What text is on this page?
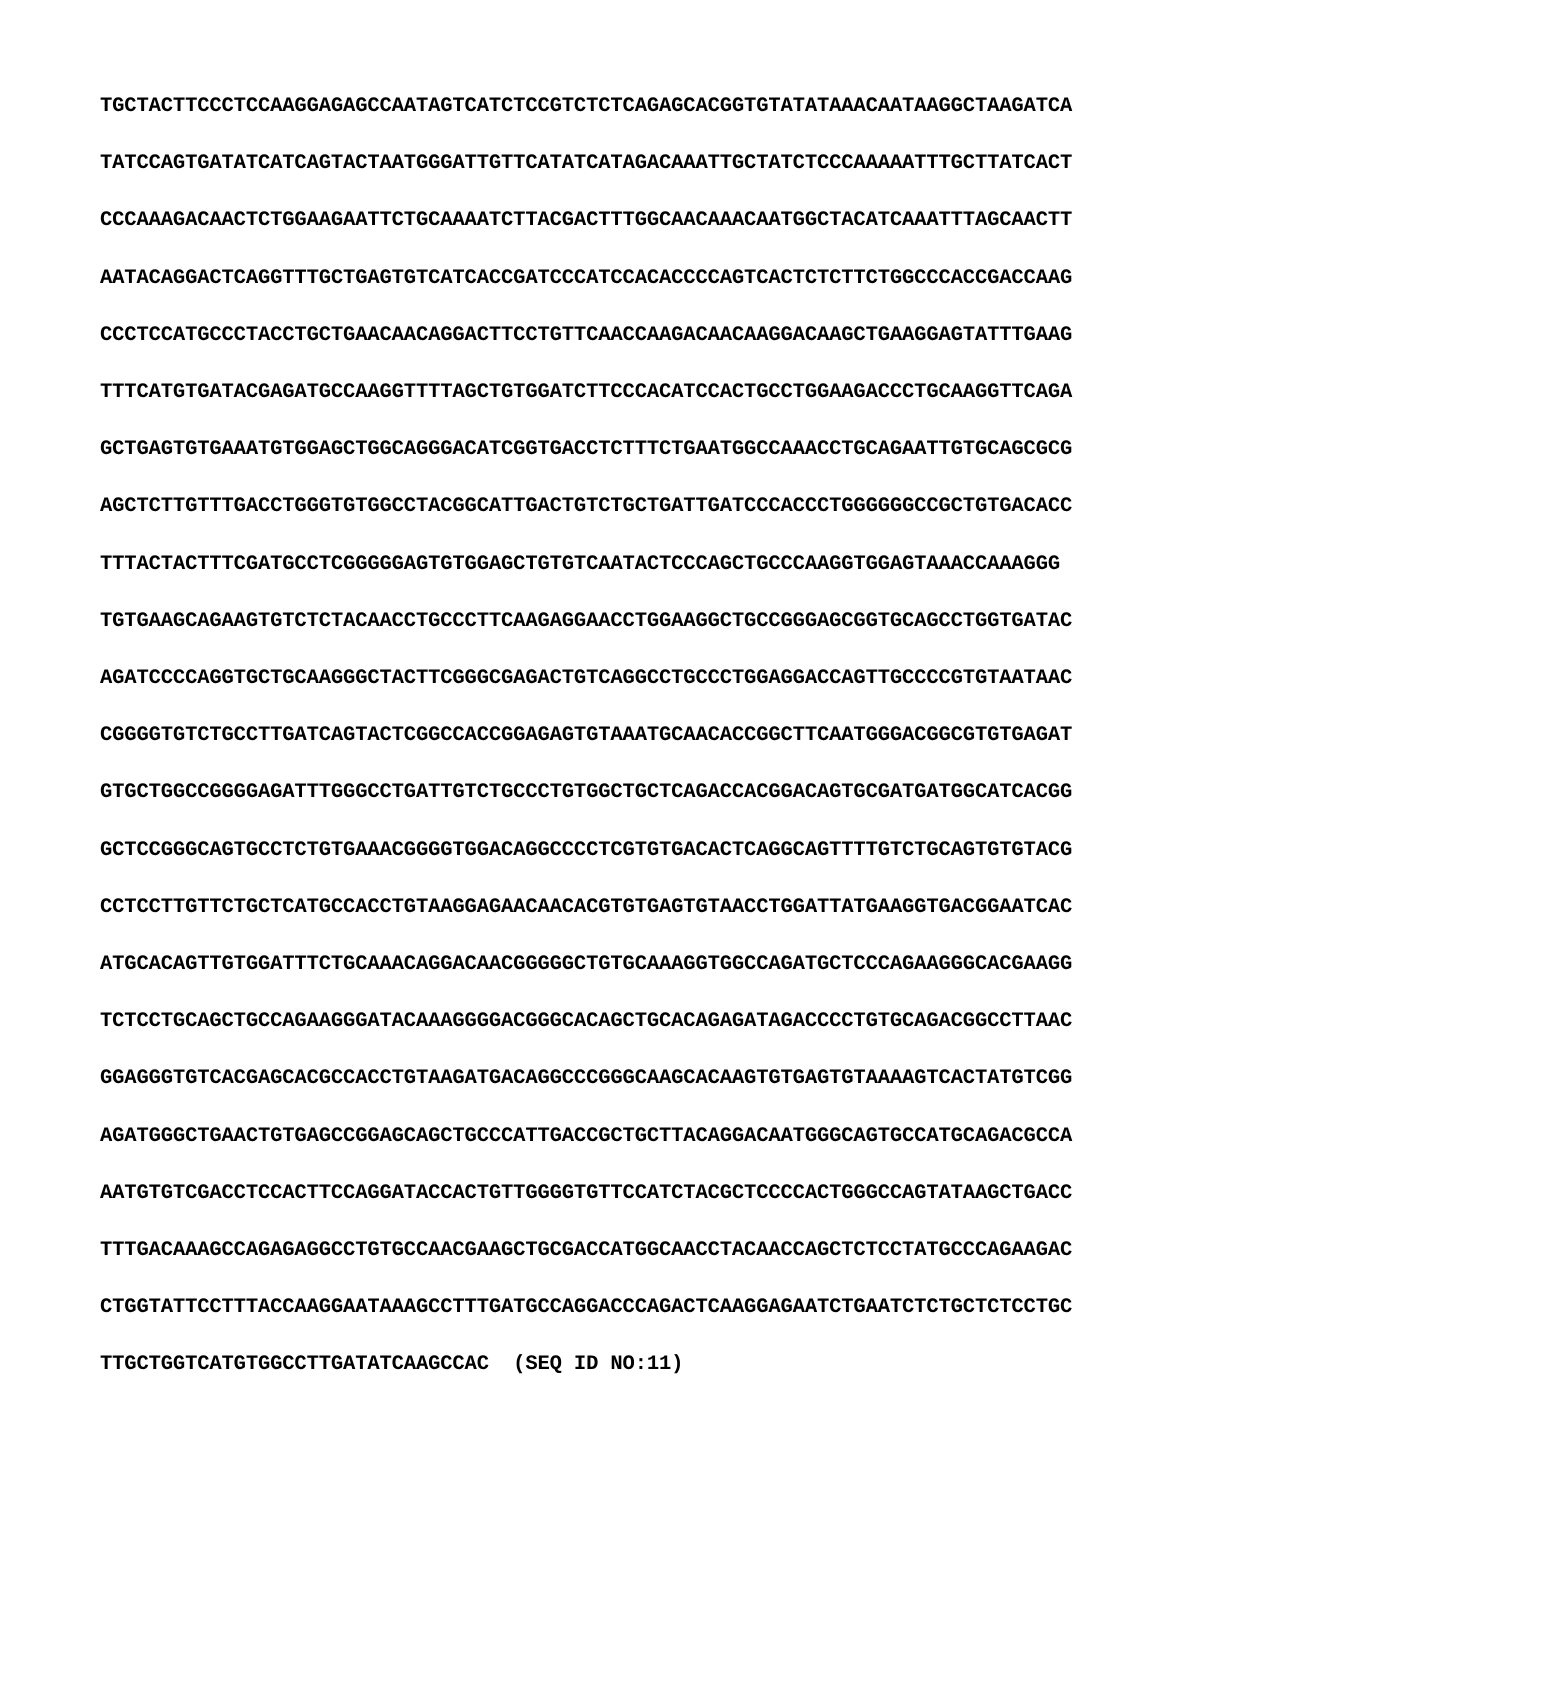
TGCTACTTCCCTCCAAGGAGAGCCAATAGTCATCTCCGTCTCTCAGAGCACGGTGTATATAAACAATAAGGCTAAGATCA
TATCCAGTGATATCATCAGTACTAATGGGATTGTTCATATCATAGACAAATTGCTATCTCCCAAAAATTTGCTTATCACT
CCCAAAGACAACTCTGGAAGAATTCTGCAAAATCTTACGACTTTGGCAACAAACAATGGCTACATCAAATTTAGCAACTT
AATACAGGACTCAGGTTTGCTGAGTGTCATCACCGATCCCATCCACACCCCAGTCACTCTCTTCTGGCCCACCGACCAAG
CCCTCCATGCCCTACCTGCTGAACAACAGGACTTCCTGTTCAACCAAGACAACAAGGACAAGCTGAAGGAGTATTTGAAG
TTTCATGTGATACGAGATGCCAAGGTTTTAGCTGTGGATCTTCCCACATCCACTGCCTGGAAGACCCTGCAAGGTTCAGA
GCTGAGTGTGAAATGTGGAGCTGGCAGGGACATCGGTGACCTCTTTCTGAATGGCCAAACCTGCAGAATTGTGCAGCGCG
AGCTCTTGTTTGACCTGGGTGTGGCCTACGGCATTGACTGTCTGCTGATTGATCCCACCCTGGGGGGCCGCTGTGACACC
TTTACTACTTTCGATGCCTCGGGGGAGTGTGGAGCTGTGTCAATACTCCCAGCTGCCCAAGGTGGAGTAAACCAAAGGG
TGTGAAGCAGAAGTGTCTCTACAACCTGCCCTTCAAGAGGAACCTGGAAGGCTGCCGGGAGCGGTGCAGCCTGGTGATAC
AGATCCCCAGGTGCTGCAAGGGCTACTTCGGGCGAGACTGTCAGGCCTGCCCTGGAGGACCAGTTGCCCCGTGTAATAAC
CGGGGTGTCTGCCTTGATCAGTACTCGGCCACCGGAGAGTGTAAATGCAACACCGGCTTCAATGGGACGGCGTGTGAGAT
GTGCTGGCCGGGGAGATTTGGGCCTGATTGTCTGCCCTGTGGCTGCTCAGACCACGGACAGTGCGATGATGGCATCACGG
GCTCCGGGCAGTGCCTCTGTGAAACGGGGTGGACAGGCCCCTCGTGTGACACTCAGGCAGTTTTGTCTGCAGTGTGTACG
CCTCCTTGTTCTGCTCATGCCACCTGTAAGGAGAACAACACGTGTGAGTGTAACCTGGATTATGAAGGTGACGGAATCAC
ATGCACAGTTGTGGATTTCTGCAAACAGGACAACGGGGGCTGTGCAAAGGTGGCCAGATGCTCCCAGAAGGGCACGAAGG
TCTCCTGCAGCTGCCAGAAGGGATACAAAGGGGACGGGCACAGCTGCACAGAGATAGACCCCTGTGCAGACGGCCTTAAC
GGAGGGTGTCACGAGCACGCCACCTGTAAGATGACAGGCCCGGGCAAGCACAAGTGTGAGTGTAAAAGTCACTATGTCGG
AGATGGGCTGAACTGTGAGCCGGAGCAGCTGCCCATTGACCGCTGCTTACAGGACAATGGGCAGTGCCATGCAGACGCCA
AATGTGTCGACCTCCACTTCCAGGATACCACTGTTGGGGTGTTCCATCTACGCTCCCCACTGGGCCAGTATAAGCTGACC
TTTGACAAAGCCAGAGAGGCCTGTGCCAACGAAGCTGCGACCATGGCAACCTACAACCAGCTCTCCTATGCCCAGAAGAC
CTGGTATTCCTTTACCAAGGAATAAAGCCTTTGATGCCAGGACCCAGACTCAAGGAGAATCTGAATCTCTGCTCTCCTGC
TTGCTGGTCATGTGGCCTTGATATCAAGCCAC  (SEQ ID NO:11)
